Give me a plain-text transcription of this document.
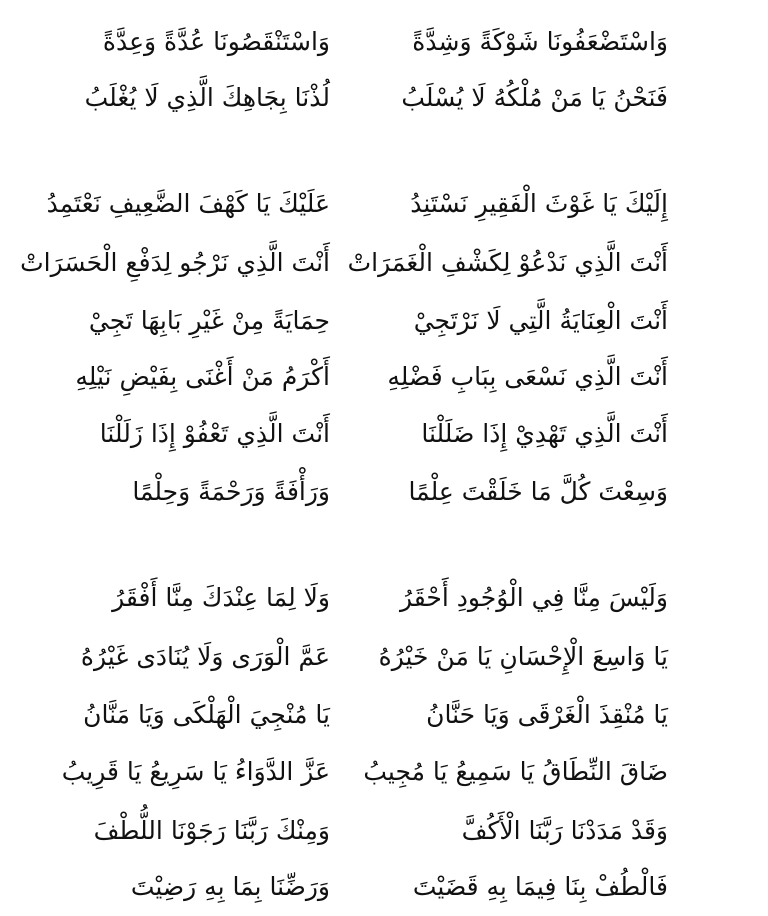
وَاسْتَضْعَفُونَا شَوْكَةً وَشِدَّةً
وَاسْتَنْقَصُونَا عُدَّةً وَعِدَّةً
فَنَحْنُ يَا مَنْ مُلْكُهُ لَا يُسْلَبُ
لُذْنَا بِجَاهِكَ الَّذِي لَا يُغْلَبُ
إِلَيْكَ يَا غَوْثَ الْفَقِيرِ نَسْتَنِدُ
عَلَيْكَ يَا كَهْفَ الضَّعِيفِ نَعْتَمِدُ
أَنْتَ الَّذِي نَدْعُوْ لِكَشْفِ الْغَمَرَاتْ
أَنْتَ الَّذِي نَرْجُو لِدَفْعِ الْحَسَرَاتْ
أَنْتَ الْعِنَايَةُ الَّتِي لَا نَرْتَجِيْ
حِمَايَةً مِنْ غَيْرِ بَابِهَا تَجِيْ
أَنْتَ الَّذِي نَسْعَى بِبَابِ فَضْلِهِ
أَكْرَمُ مَنْ أَغْنَى بِفَيْضِ نَيْلِهِ
أَنْتَ الَّذِي تَهْدِيْ إِذَا ضَلَلْنَا
أَنْتَ الَّذِي تَعْفُوْ إِذَا زَلَلْنَا
وَسِعْتَ كُلَّ مَا خَلَقْتَ عِلْمًا
وَرَأْفَةً وَرَحْمَةً وَحِلْمًا
وَلَيْسَ مِنَّا فِي الْوُجُودِ أَحْقَرُ
وَلَا لِمَا عِنْدَكَ مِنَّا أَفْقَرُ
يَا وَاسِعَ الْإِحْسَانِ يَا مَنْ خَيْرُهُ
عَمَّ الْوَرَى وَلَا يُنَادَى غَيْرُهُ
يَا مُنْقِذَ الْغَرْقَى وَيَا حَنَّانُ
يَا مُنْجِيَ الْهَلْكَى وَيَا مَنَّانُ
ضَاقَ النِّطَاقُ يَا سَمِيعُ يَا مُجِيبُ
عَزَّ الدَّوَاءُ يَا سَرِيعُ يَا قَرِيبُ
وَقَدْ مَدَدْنَا رَبَّنَا الْأَكُفَّ
وَمِنْكَ رَبَّنَا رَجَوْنَا اللُّطْفَ
فَالْطُفْ بِنَا فِيمَا بِهِ قَضَيْتَ
وَرَضِّنَا بِمَا بِهِ رَضِيْتَ
